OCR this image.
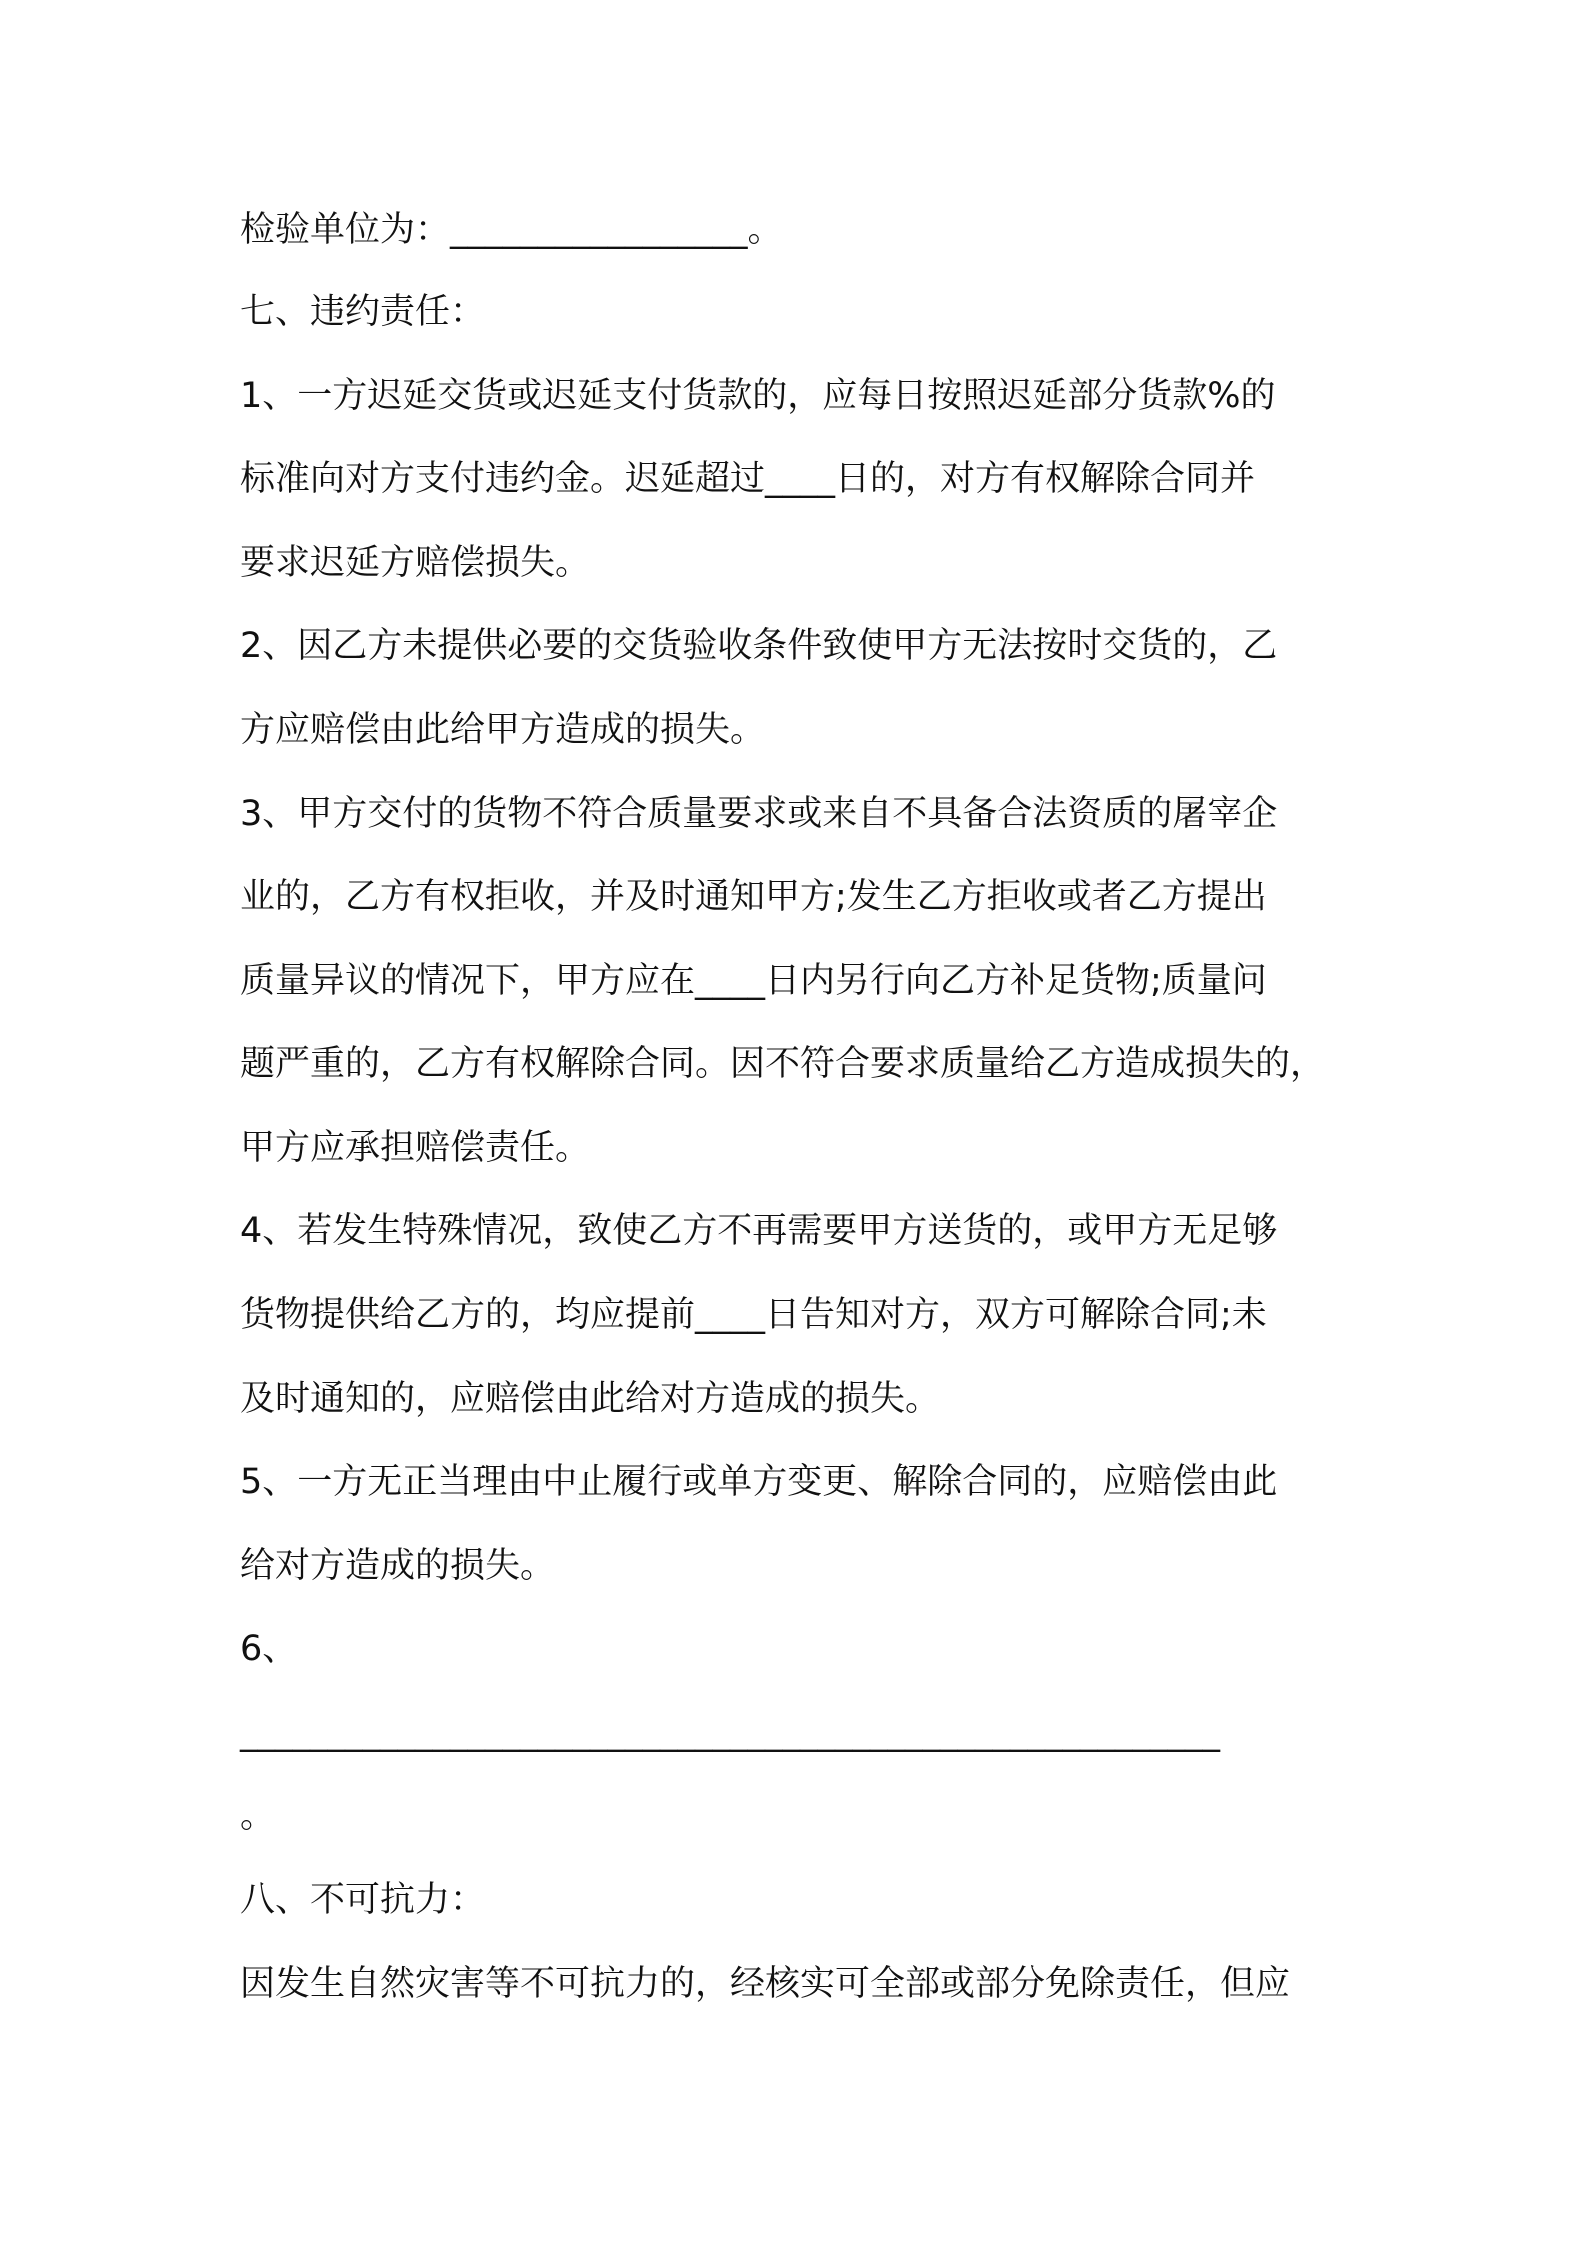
检验单位为：_________________。

七、违约责任：

1、一方迟延交货或迟延支付货款的，应每日按照迟延部分货款%的

标准向对方支付违约金。迟延超过____日的，对方有权解除合同并

要求迟延方赔偿损失。

2、因乙方未提供必要的交货验收条件致使甲方无法按时交货的，乙

方应赔偿由此给甲方造成的损失。

3、甲方交付的货物不符合质量要求或来自不具备合法资质的屠宰企

业的，乙方有权拒收，并及时通知甲方;发生乙方拒收或者乙方提出

质量异议的情况下，甲方应在____日内另行向乙方补足货物;质量问

题严重的，乙方有权解除合同。因不符合要求质量给乙方造成损失的，

甲方应承担赔偿责任。

4、若发生特殊情况，致使乙方不再需要甲方送货的，或甲方无足够

货物提供给乙方的，均应提前____日告知对方，双方可解除合同;未

及时通知的，应赔偿由此给对方造成的损失。

5、一方无正当理由中止履行或单方变更、解除合同的，应赔偿由此

给对方造成的损失。

6、

________________________________________________________

。

八、不可抗力：

因发生自然灾害等不可抗力的，经核实可全部或部分免除责任，但应
